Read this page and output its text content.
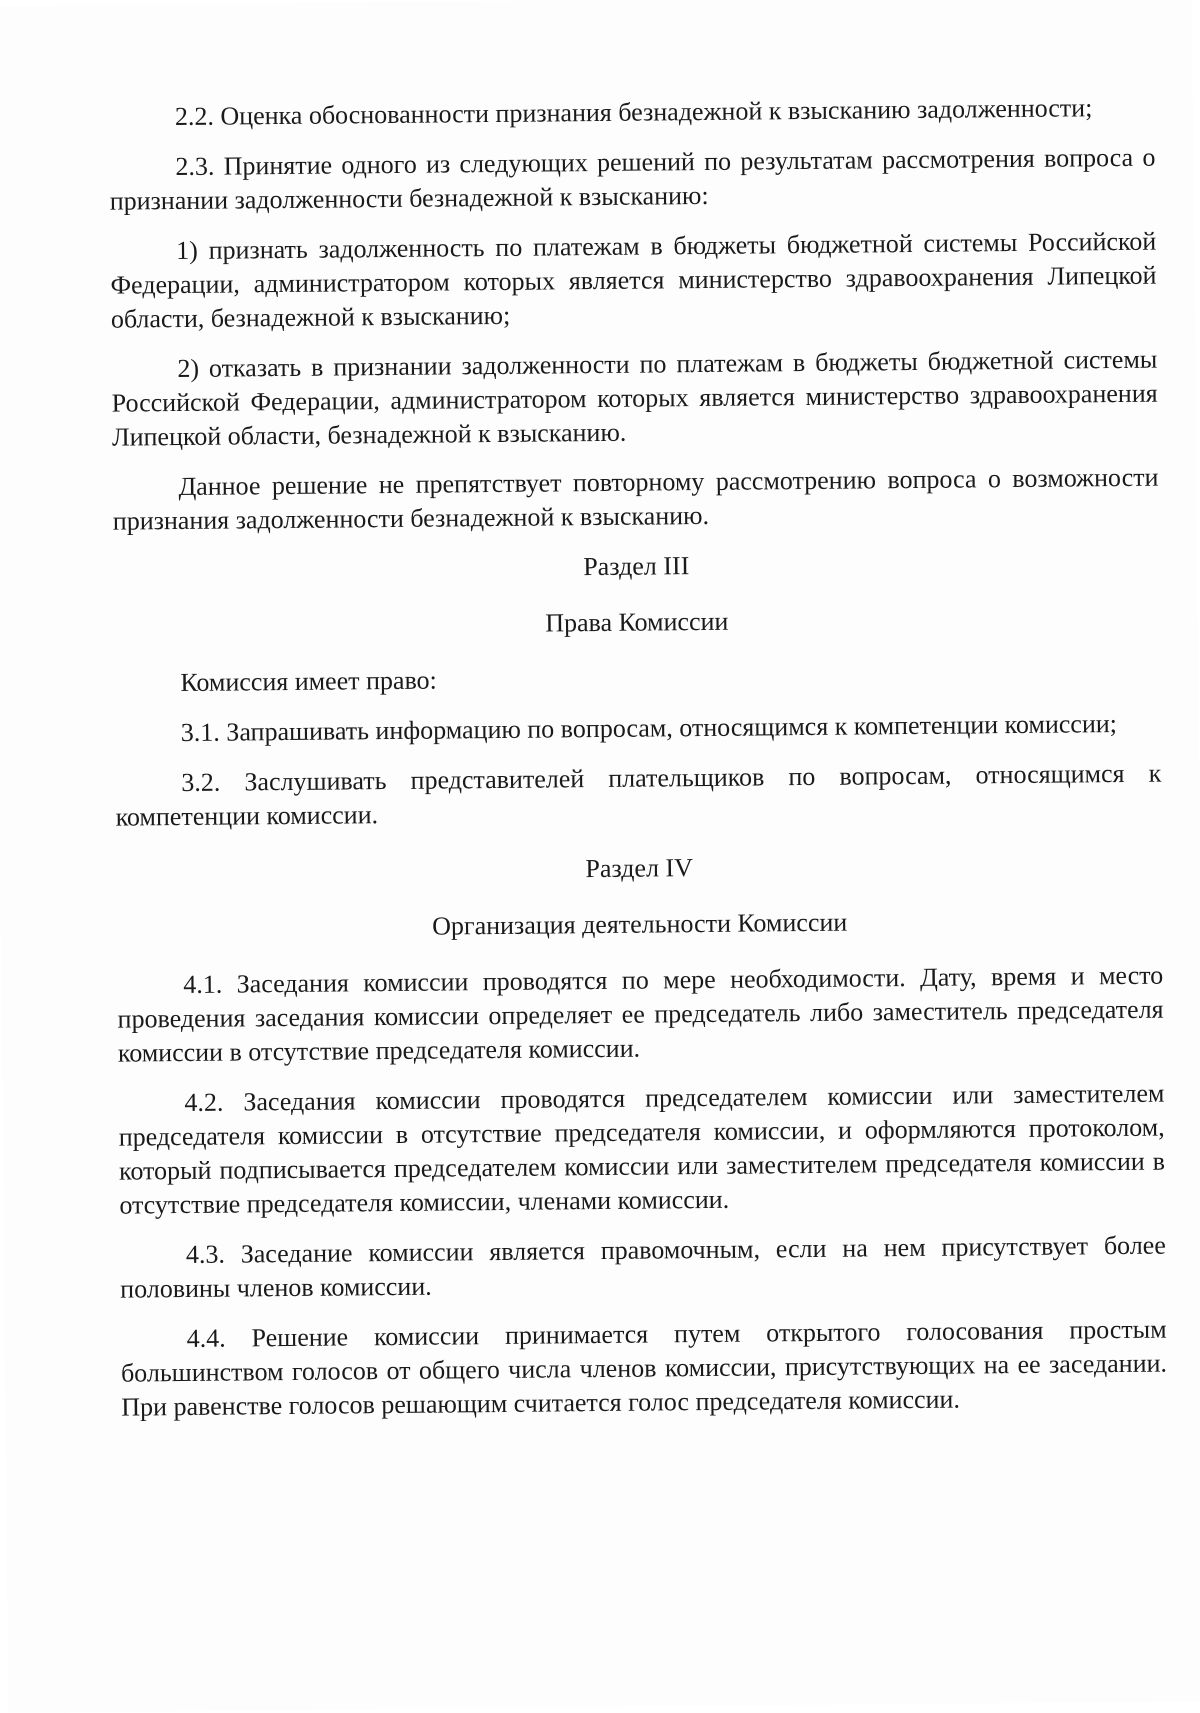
2.2. Оценка обоснованности признания безнадежной к взысканию задолженности;

2.3. Принятие одного из следующих решений по результатам рассмотрения вопроса о признании задолженности безнадежной к взысканию:

1) признать задолженность по платежам в бюджеты бюджетной системы Российской Федерации, администратором которых является министерство здравоохранения Липецкой области, безнадежной к взысканию;

2) отказать в признании задолженности по платежам в бюджеты бюджетной системы Российской Федерации, администратором которых является министерство здравоохранения Липецкой области, безнадежной к взысканию.

Данное решение не препятствует повторному рассмотрению вопроса о возможности признания задолженности безнадежной к взысканию.

Раздел III

Права Комиссии

Комиссия имеет право:

3.1. Запрашивать информацию по вопросам, относящимся к компетенции комиссии;

3.2. Заслушивать представителей плательщиков по вопросам, относящимся к компетенции комиссии.

Раздел IV

Организация деятельности Комиссии

4.1. Заседания комиссии проводятся по мере необходимости. Дату, время и место проведения заседания комиссии определяет ее председатель либо заместитель председателя комиссии в отсутствие председателя комиссии.

4.2. Заседания комиссии проводятся председателем комиссии или заместителем председателя комиссии в отсутствие председателя комиссии, и оформляются протоколом, который подписывается председателем комиссии или заместителем председателя комиссии в отсутствие председателя комиссии, членами комиссии.

4.3. Заседание комиссии является правомочным, если на нем присутствует более половины членов комиссии.

4.4. Решение комиссии принимается путем открытого голосования простым большинством голосов от общего числа членов комиссии, присутствующих на ее заседании. При равенстве голосов решающим считается голос председателя комиссии.
